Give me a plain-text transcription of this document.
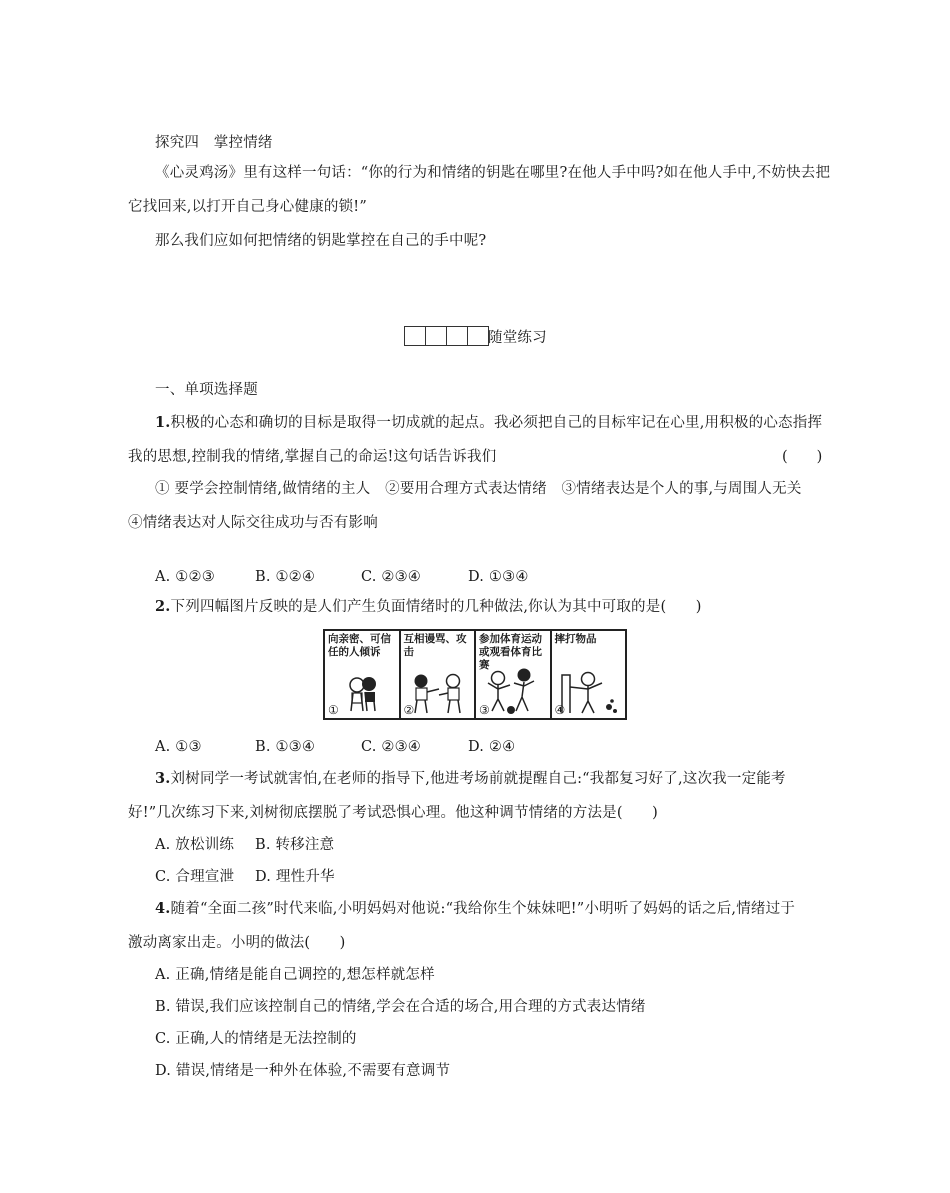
探究四　掌控情绪
《心灵鸡汤》里有这样一句话：“你的行为和情绪的钥匙在哪里?在他人手中吗?如在他人手中,不妨快去把
它找回来,以打开自己身心健康的锁!”
那么我们应如何把情绪的钥匙掌控在自己的手中呢?
随堂练习
一、单项选择题
1.积极的心态和确切的目标是取得一切成就的起点。我必须把自己的目标牢记在心里,用积极的心态指挥
我的思想,控制我的情绪,掌握自己的命运!这句话告诉我们	(　　)
① 要学会控制情绪,做情绪的主人　②要用合理方式表达情绪　③情绪表达是个人的事,与周围人无关
④情绪表达对人际交往成功与否有影响
A. ①②③	B. ①②④	C. ②③④	D. ①③④
2.下列四幅图片反映的是人们产生负面情绪时的几种做法,你认为其中可取的是(　　)
向亲密、可信任的人倾诉
①
互相谩骂、攻击
②
参加体育运动或观看体育比赛
③
摔打物品
④
A. ①③	B. ①③④	C. ②③④	D. ②④
3.刘树同学一考试就害怕,在老师的指导下,他进考场前就提醒自己:“我都复习好了,这次我一定能考
好!”几次练习下来,刘树彻底摆脱了考试恐惧心理。他这种调节情绪的方法是(　　)
A. 放松训练 B. 转移注意
C. 合理宣泄 D. 理性升华
4.随着“全面二孩”时代来临,小明妈妈对他说:“我给你生个妹妹吧!”小明听了妈妈的话之后,情绪过于
激动离家出走。小明的做法(　　)
A. 正确,情绪是能自己调控的,想怎样就怎样
B. 错误,我们应该控制自己的情绪,学会在合适的场合,用合理的方式表达情绪
C. 正确,人的情绪是无法控制的
D. 错误,情绪是一种外在体验,不需要有意调节
